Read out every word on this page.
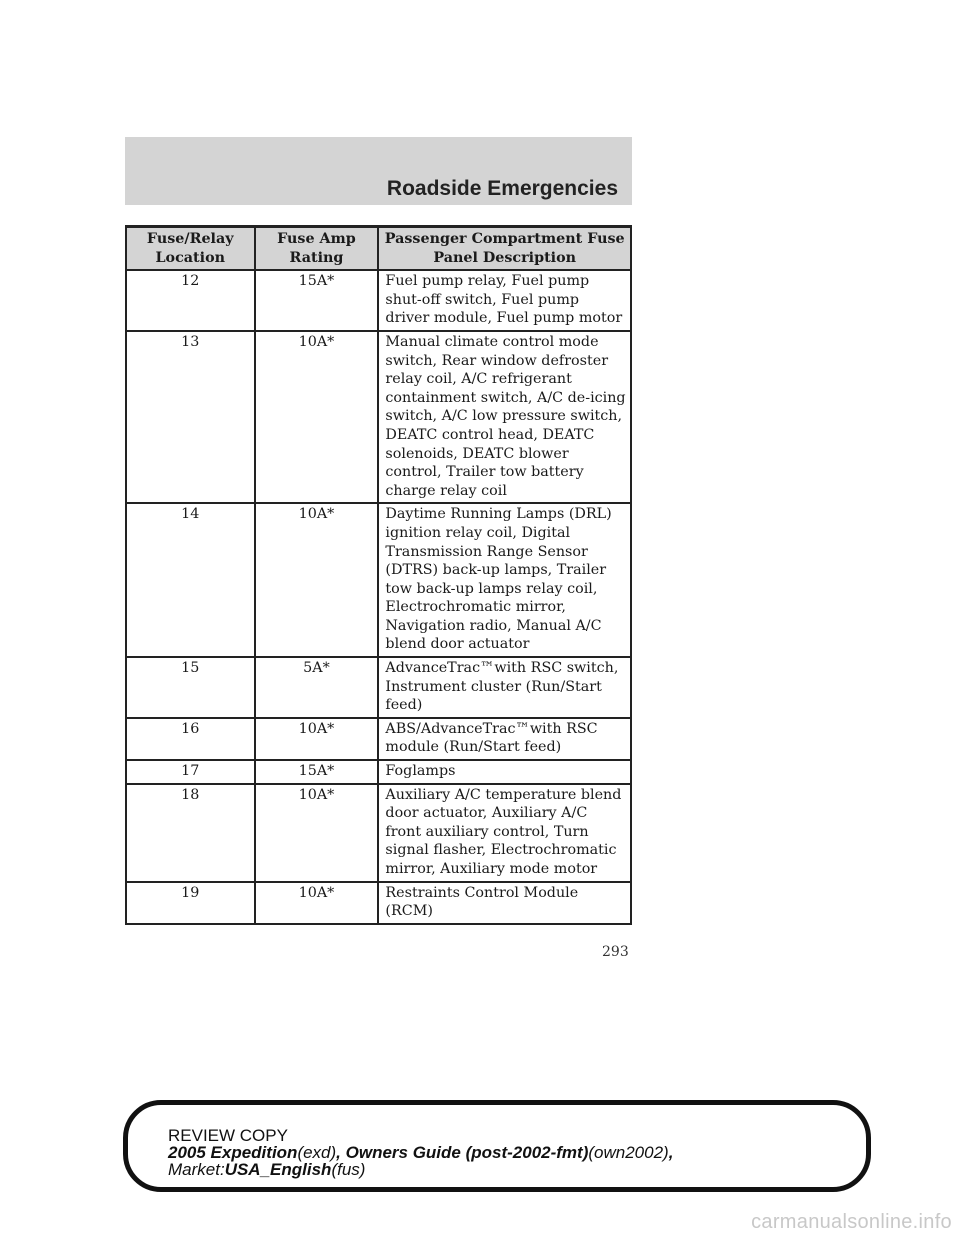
Roadside Emergencies
Fuse/Relay Location	Fuse Amp Rating	Passenger Compartment Fuse Panel Description
12	15A*	Fuel pump relay, Fuel pump shut-off switch, Fuel pump driver module, Fuel pump motor
13	10A*	Manual climate control mode switch, Rear window defroster relay coil, A/C refrigerant containment switch, A/C de-icing switch, A/C low pressure switch, DEATC control head, DEATC solenoids, DEATC blower control, Trailer tow battery charge relay coil
14	10A*	Daytime Running Lamps (DRL) ignition relay coil, Digital Transmission Range Sensor (DTRS) back-up lamps, Trailer tow back-up lamps relay coil, Electrochromatic mirror, Navigation radio, Manual A/C blend door actuator
15	5A*	AdvanceTrac™with RSC switch, Instrument cluster (Run/Start feed)
16	10A*	ABS/AdvanceTrac™with RSC module (Run/Start feed)
17	15A*	Foglamps
18	10A*	Auxiliary A/C temperature blend door actuator, Auxiliary A/C front auxiliary control, Turn signal flasher, Electrochromatic mirror, Auxiliary mode motor
19	10A*	Restraints Control Module (RCM)
293
REVIEW COPY
2005 Expedition(exd), Owners Guide (post-2002-fmt)(own2002),
Market:USA_English(fus)
carmanualsonline.info
